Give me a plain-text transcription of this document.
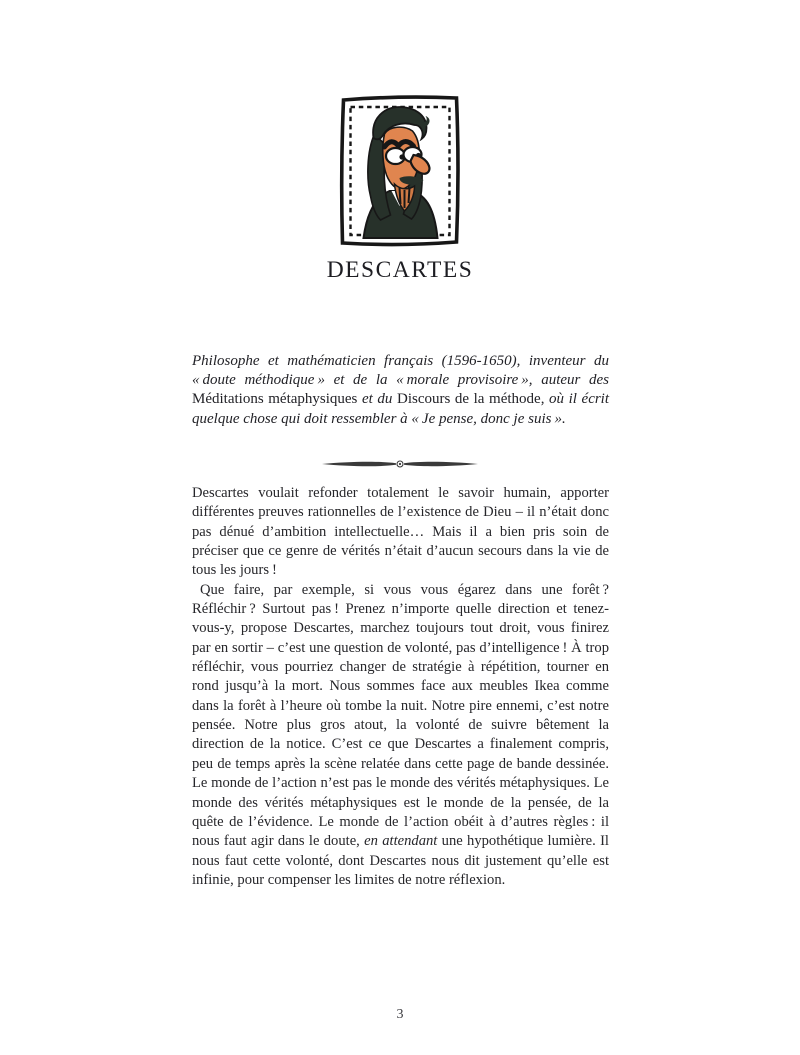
DESCARTES

Philosophe et mathématicien français (1596-1650), inventeur du « doute méthodique » et de la « morale provisoire », auteur des Méditations métaphysiques et du Discours de la méthode, où il écrit quelque chose qui doit ressembler à « Je pense, donc je suis ».

Descartes voulait refonder totalement le savoir humain, apporter différentes preuves rationnelles de l’existence de Dieu – il n’était donc pas dénué d’ambition intellectuelle… Mais il a bien pris soin de préciser que ce genre de vérités n’était d’aucun secours dans la vie de tous les jours !

Que faire, par exemple, si vous vous égarez dans une forêt ? Réfléchir ? Surtout pas ! Prenez n’importe quelle direction et tenez-vous-y, propose Descartes, marchez toujours tout droit, vous finirez par en sortir – c’est une question de volonté, pas d’intelligence ! À trop réfléchir, vous pourriez changer de stratégie à répétition, tourner en rond jusqu’à la mort. Nous sommes face aux meubles Ikea comme dans la forêt à l’heure où tombe la nuit. Notre pire ennemi, c’est notre pensée. Notre plus gros atout, la volonté de suivre bêtement la direction de la notice. C’est ce que Descartes a finalement compris, peu de temps après la scène relatée dans cette page de bande dessinée. Le monde de l’action n’est pas le monde des vérités métaphysiques. Le monde des vérités métaphysiques est le monde de la pensée, de la quête de l’évidence. Le monde de l’action obéit à d’autres règles : il nous faut agir dans le doute, en attendant une hypothétique lumière. Il nous faut cette volonté, dont Descartes nous dit justement qu’elle est infinie, pour compenser les limites de notre réflexion.

3
